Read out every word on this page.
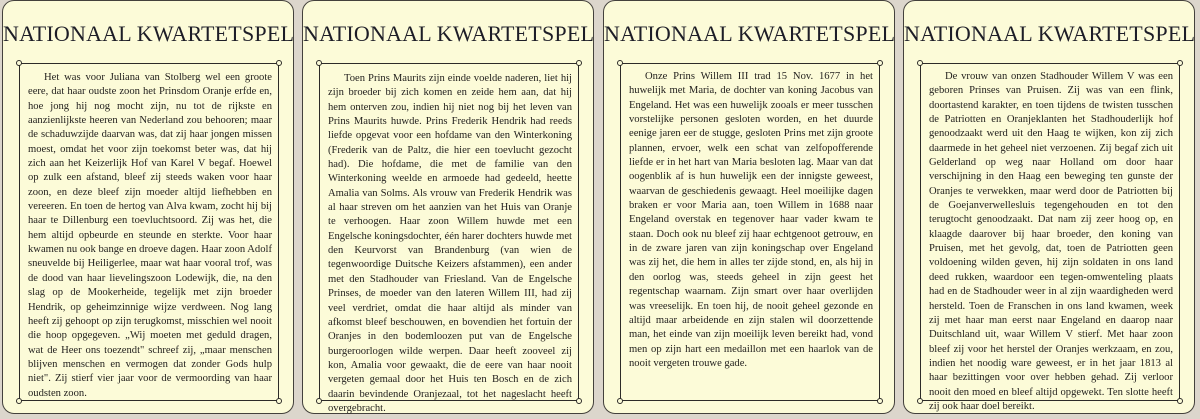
NATIONAAL KWARTETSPEL

Het was voor Juliana van Stolberg wel een groote eere, dat haar oudste zoon het Prinsdom Oranje erfde en, hoe jong hij nog mocht zijn, nu tot de rijkste en aanzienlijkste heeren van Nederland zou behooren; maar de schaduwzijde daarvan was, dat zij haar jongen missen moest, omdat het voor zijn toekomst beter was, dat hij zich aan het Keizerlijk Hof van Karel V begaf. Hoewel op zulk een afstand, bleef zij steeds waken voor haar zoon, en deze bleef zijn moeder altijd liefhebben en vereeren. En toen de hertog van Alva kwam, zocht hij bij haar te Dillenburg een toevluchtsoord. Zij was het, die hem altijd opbeurde en steunde en sterkte. Voor haar kwamen nu ook bange en droeve dagen. Haar zoon Adolf sneuvelde bij Heiligerlee, maar wat haar vooral trof, was de dood van haar lievelingszoon Lodewijk, die, na den slag op de Mookerheide, tegelijk met zijn broeder Hendrik, op geheimzinnige wijze verdween. Nog lang heeft zij gehoopt op zijn terugkomst, misschien wel nooit die hoop opgegeven. „Wij moeten met geduld dragen, wat de Heer ons toezendt" schreef zij, „maar menschen blijven menschen en vermogen dat zonder Gods hulp niet". Zij stierf vier jaar voor de vermoording van haar oudsten zoon.

NATIONAAL KWARTETSPEL

Toen Prins Maurits zijn einde voelde naderen, liet hij zijn broeder bij zich komen en zeide hem aan, dat hij hem onterven zou, indien hij niet nog bij het leven van Prins Maurits huwde. Prins Frederik Hendrik had reeds liefde opgevat voor een hofdame van den Winterkoning (Frederik van de Paltz, die hier een toevlucht gezocht had). Die hofdame, die met de familie van den Winterkoning weelde en armoede had gedeeld, heette Amalia van Solms. Als vrouw van Frederik Hendrik was al haar streven om het aanzien van het Huis van Oranje te verhoogen. Haar zoon Willem huwde met een Engelsche koningsdochter, één harer dochters huwde met den Keurvorst van Brandenburg (van wien de tegenwoordige Duitsche Keizers afstammen), een ander met den Stadhouder van Friesland. Van de Engelsche Prinses, de moeder van den lateren Willem III, had zij veel verdriet, omdat die haar altijd als minder van afkomst bleef beschouwen, en bovendien het fortuin der Oranjes in den bodemloozen put van de Engelsche burgeroorlogen wilde werpen. Daar heeft zooveel zij kon, Amalia voor gewaakt, die de eere van haar nooit vergeten gemaal door het Huis ten Bosch en de zich daarin bevindende Oranjezaal, tot het nageslacht heeft overgebracht.

NATIONAAL KWARTETSPEL

Onze Prins Willem III trad 15 Nov. 1677 in het huwelijk met Maria, de dochter van koning Jacobus van Engeland. Het was een huwelijk zooals er meer tusschen vorstelijke personen gesloten worden, en het duurde eenige jaren eer de stugge, gesloten Prins met zijn groote plannen, ervoer, welk een schat van zelfopofferende liefde er in het hart van Maria besloten lag. Maar van dat oogenblik af is hun huwelijk een der innigste geweest, waarvan de geschiedenis gewaagt. Heel moeilijke dagen braken er voor Maria aan, toen Willem in 1688 naar Engeland overstak en tegenover haar vader kwam te staan. Doch ook nu bleef zij haar echtgenoot getrouw, en in de zware jaren van zijn koningschap over Engeland was zij het, die hem in alles ter zijde stond, en, als hij in den oorlog was, steeds geheel in zijn geest het regentschap waarnam. Zijn smart over haar overlijden was vreeselijk. En toen hij, de nooit geheel gezonde en altijd maar arbeidende en zijn stalen wil doorzettende man, het einde van zijn moeilijk leven bereikt had, vond men op zijn hart een medaillon met een haarlok van de nooit vergeten trouwe gade.

NATIONAAL KWARTETSPEL

De vrouw van onzen Stadhouder Willem V was een geboren Prinses van Pruisen. Zij was van een flink, doortastend karakter, en toen tijdens de twisten tusschen de Patriotten en Oranjeklanten het Stadhouderlijk hof genoodzaakt werd uit den Haag te wijken, kon zij zich daarmede in het geheel niet verzoenen. Zij begaf zich uit Gelderland op weg naar Holland om door haar verschijning in den Haag een beweging ten gunste der Oranjes te verwekken, maar werd door de Patriotten bij de Goejanverwellesluis tegengehouden en tot den terugtocht genoodzaakt. Dat nam zij zeer hoog op, en klaagde daarover bij haar broeder, den koning van Pruisen, met het gevolg, dat, toen de Patriotten geen voldoening wilden geven, hij zijn soldaten in ons land deed rukken, waardoor een tegen-omwenteling plaats had en de Stadhouder weer in al zijn waardigheden werd hersteld. Toen de Franschen in ons land kwamen, week zij met haar man eerst naar Engeland en daarop naar Duitschland uit, waar Willem V stierf. Met haar zoon bleef zij voor het herstel der Oranjes werkzaam, en zou, indien het noodig ware geweest, er in het jaar 1813 al haar bezittingen voor over hebben gehad. Zij verloor nooit den moed en bleef altijd opgewekt. Ten slotte heeft zij ook haar doel bereikt.
